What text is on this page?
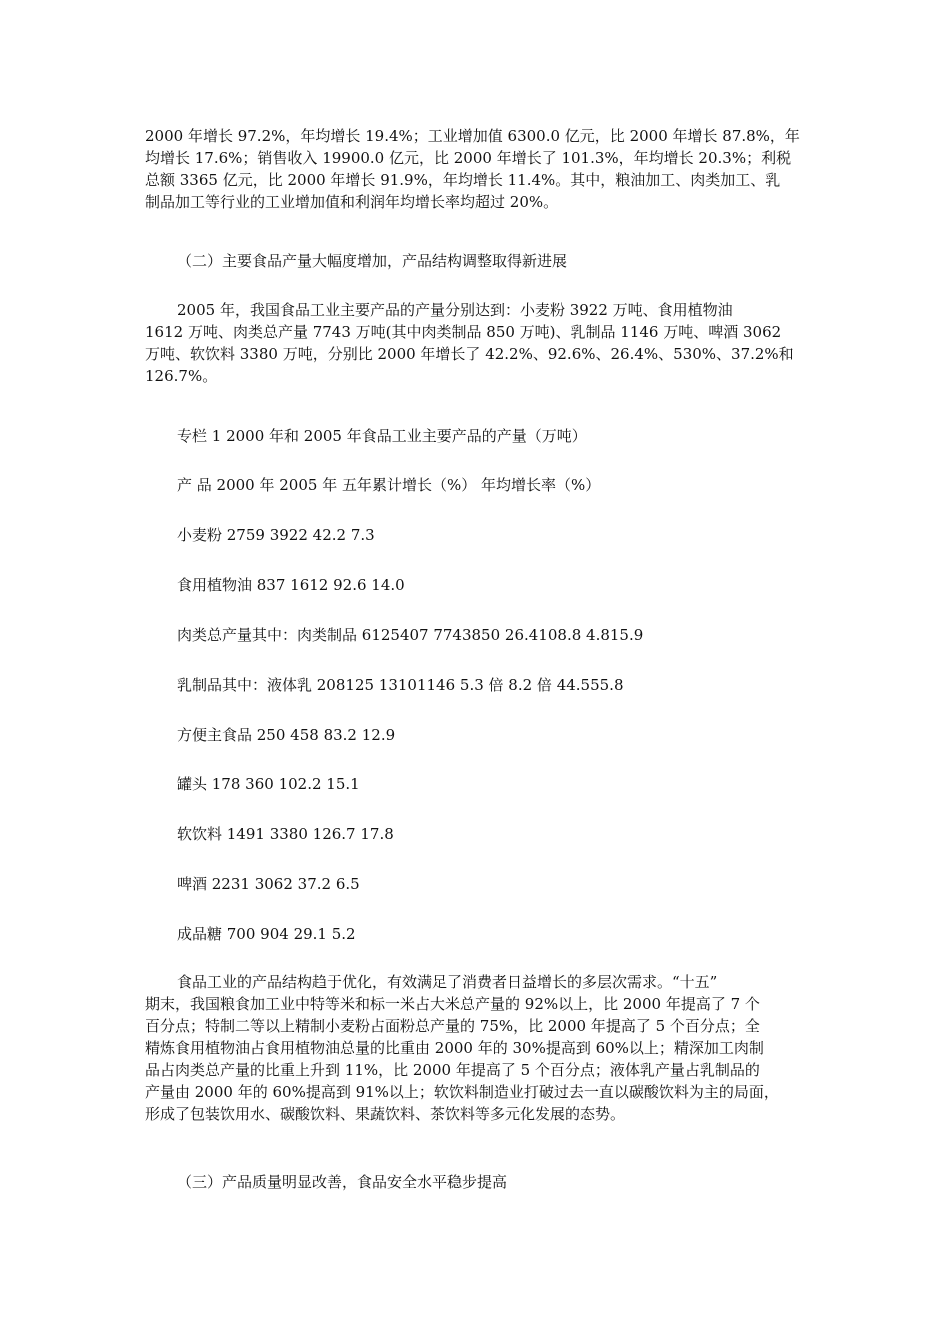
2000 年增长 97.2%，年均增长 19.4%；工业增加值 6300.0 亿元，比 2000 年增长 87.8%，年
均增长 17.6%；销售收入 19900.0 亿元，比 2000 年增长了 101.3%，年均增长 20.3%；利税
总额 3365 亿元，比 2000 年增长 91.9%，年均增长 11.4%。其中，粮油加工、肉类加工、乳
制品加工等行业的工业增加值和利润年均增长率均超过 20%。

（二）主要食品产量大幅度增加，产品结构调整取得新进展

2005 年，我国食品工业主要产品的产量分别达到：小麦粉 3922 万吨、食用植物油
1612 万吨、肉类总产量 7743 万吨(其中肉类制品 850 万吨)、乳制品 1146 万吨、啤酒 3062
万吨、软饮料 3380 万吨，分别比 2000 年增长了 42.2%、92.6%、26.4%、530%、37.2%和
126.7%。

专栏 1 2000 年和 2005 年食品工业主要产品的产量（万吨）

产 品 2000 年 2005 年 五年累计增长（%） 年均增长率（%）

小麦粉 2759 3922 42.2 7.3

食用植物油 837 1612 92.6 14.0

肉类总产量其中：肉类制品 6125407 7743850 26.4108.8 4.815.9

乳制品其中：液体乳 208125 13101146 5.3 倍 8.2 倍 44.555.8

方便主食品 250 458 83.2 12.9

罐头 178 360 102.2 15.1

软饮料 1491 3380 126.7 17.8

啤酒 2231 3062 37.2 6.5

成品糖 700 904 29.1 5.2

食品工业的产品结构趋于优化，有效满足了消费者日益增长的多层次需求。“十五”
期末，我国粮食加工业中特等米和标一米占大米总产量的 92%以上，比 2000 年提高了 7 个
百分点；特制二等以上精制小麦粉占面粉总产量的 75%，比 2000 年提高了 5 个百分点；全
精炼食用植物油占食用植物油总量的比重由 2000 年的 30%提高到 60%以上；精深加工肉制
品占肉类总产量的比重上升到 11%，比 2000 年提高了 5 个百分点；液体乳产量占乳制品的
产量由 2000 年的 60%提高到 91%以上；软饮料制造业打破过去一直以碳酸饮料为主的局面，
形成了包装饮用水、碳酸饮料、果蔬饮料、茶饮料等多元化发展的态势。

（三）产品质量明显改善，食品安全水平稳步提高
